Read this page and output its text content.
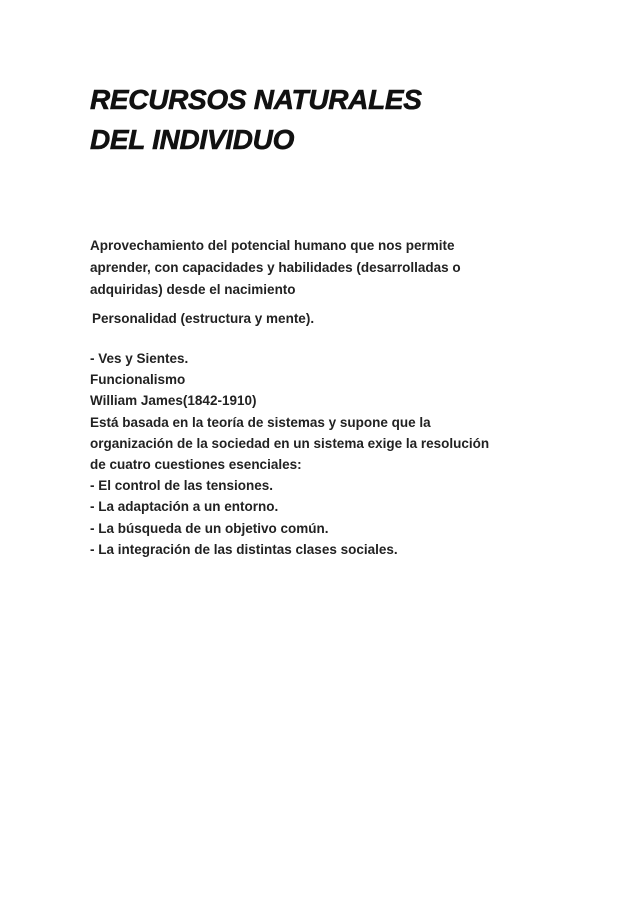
RECURSOS NATURALES
DEL INDIVIDUO
Aprovechamiento del potencial humano que nos permite
aprender, con capacidades y habilidades (desarrolladas o
adquiridas) desde el nacimiento
Personalidad (estructura y mente).
- Ves y Sientes.
Funcionalismo
William James(1842-1910)
Está basada en la teoría de sistemas y supone que la
organización de la sociedad en un sistema exige la resolución
de cuatro cuestiones esenciales:
- El control de las tensiones.
- La adaptación a un entorno.
- La búsqueda de un objetivo común.
- La integración de las distintas clases sociales.
